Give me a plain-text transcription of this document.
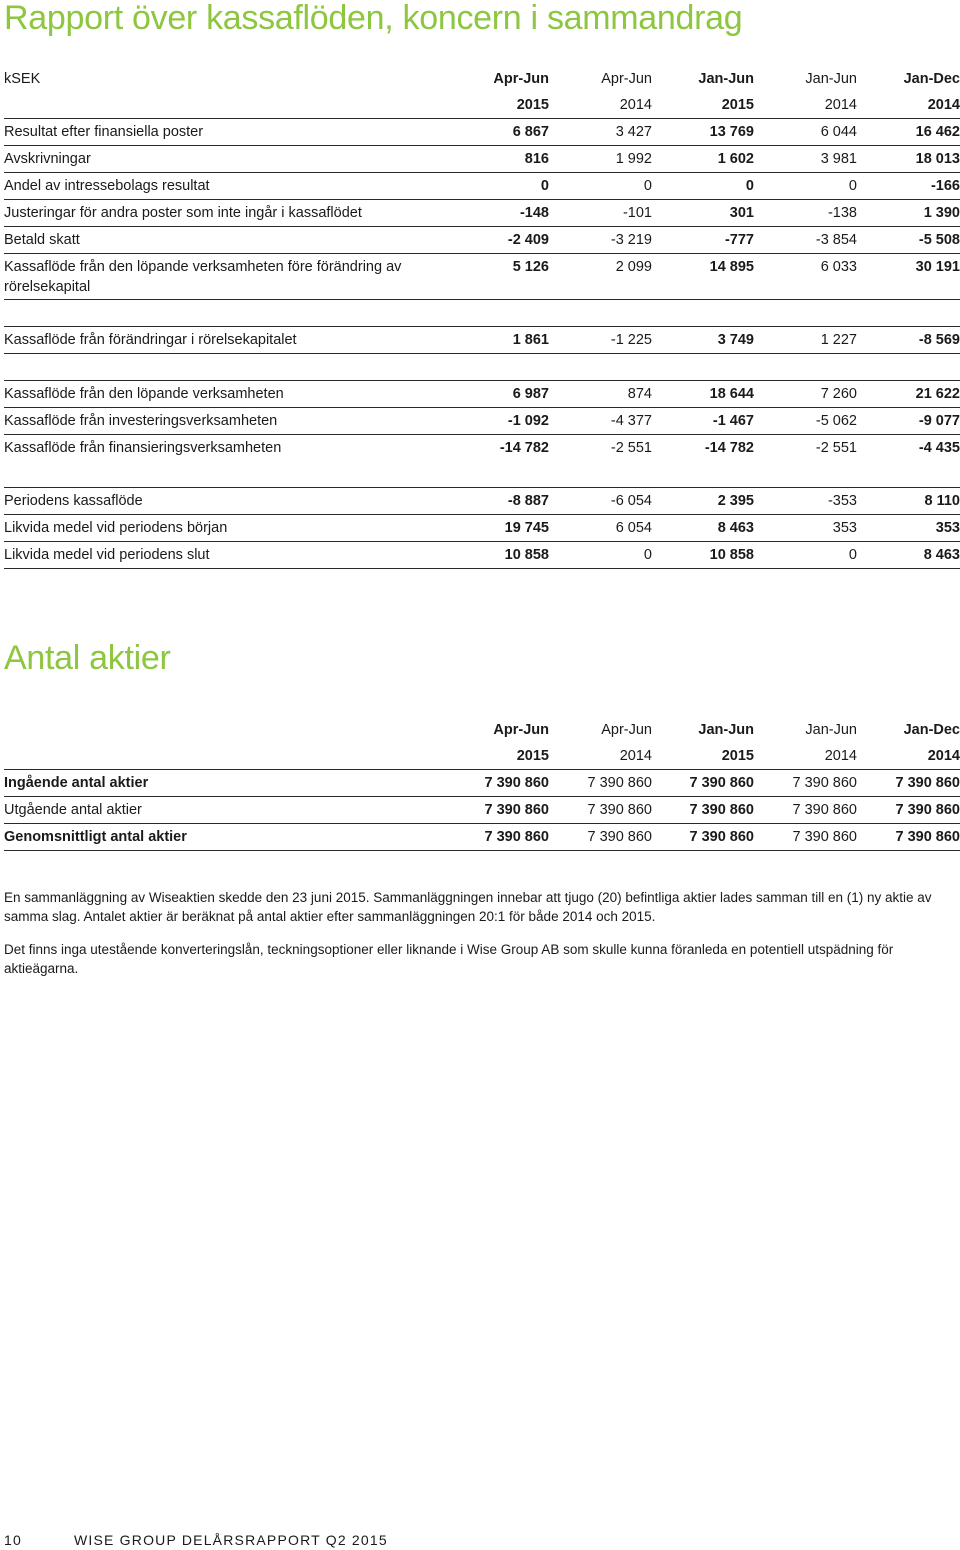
Rapport över kassaflöden, koncern i sammandrag
kSEK	Apr-Jun	Apr-Jun	Jan-Jun	Jan-Jun	Jan-Dec
	2015	2014	2015	2014	2014
Resultat efter finansiella poster	6 867	3 427	13 769	6 044	16 462
Avskrivningar	816	1 992	1 602	3 981	18 013
Andel av intressebolags resultat	0	0	0	0	-166
Justeringar för andra poster som inte ingår i kassaflödet	-148	-101	301	-138	1 390
Betald skatt	-2 409	-3 219	-777	-3 854	-5 508
Kassaflöde från den löpande verksamheten före förändring av rörelsekapital	5 126	2 099	14 895	6 033	30 191

Kassaflöde från förändringar i rörelsekapitalet	1 861	-1 225	3 749	1 227	-8 569

Kassaflöde från den löpande verksamheten	6 987	874	18 644	7 260	21 622
Kassaflöde från investeringsverksamheten	-1 092	-4 377	-1 467	-5 062	-9 077
Kassaflöde från finansieringsverksamheten	-14 782	-2 551	-14 782	-2 551	-4 435

Periodens kassaflöde	-8 887	-6 054	2 395	-353	8 110
Likvida medel vid periodens början	19 745	6 054	8 463	353	353
Likvida medel vid periodens slut	10 858	0	10 858	0	8 463
Antal aktier
	Apr-Jun	Apr-Jun	Jan-Jun	Jan-Jun	Jan-Dec
	2015	2014	2015	2014	2014
Ingående antal aktier	7 390 860	7 390 860	7 390 860	7 390 860	7 390 860
Utgående antal aktier	7 390 860	7 390 860	7 390 860	7 390 860	7 390 860
Genomsnittligt antal aktier	7 390 860	7 390 860	7 390 860	7 390 860	7 390 860

En sammanläggning av Wiseaktien skedde den 23 juni 2015. Sammanläggningen innebar att tjugo (20) befintliga aktier lades samman till en (1) ny aktie av samma slag. Antalet aktier är beräknat på antal aktier efter sammanläggningen 20:1 för både 2014 och 2015.

Det finns inga utestående konverteringslån, teckningsoptioner eller liknande i Wise Group AB som skulle kunna föranleda en potentiell utspädning för aktieägarna.

10	WISE GROUP DELÅRSRAPPORT Q2 2015
